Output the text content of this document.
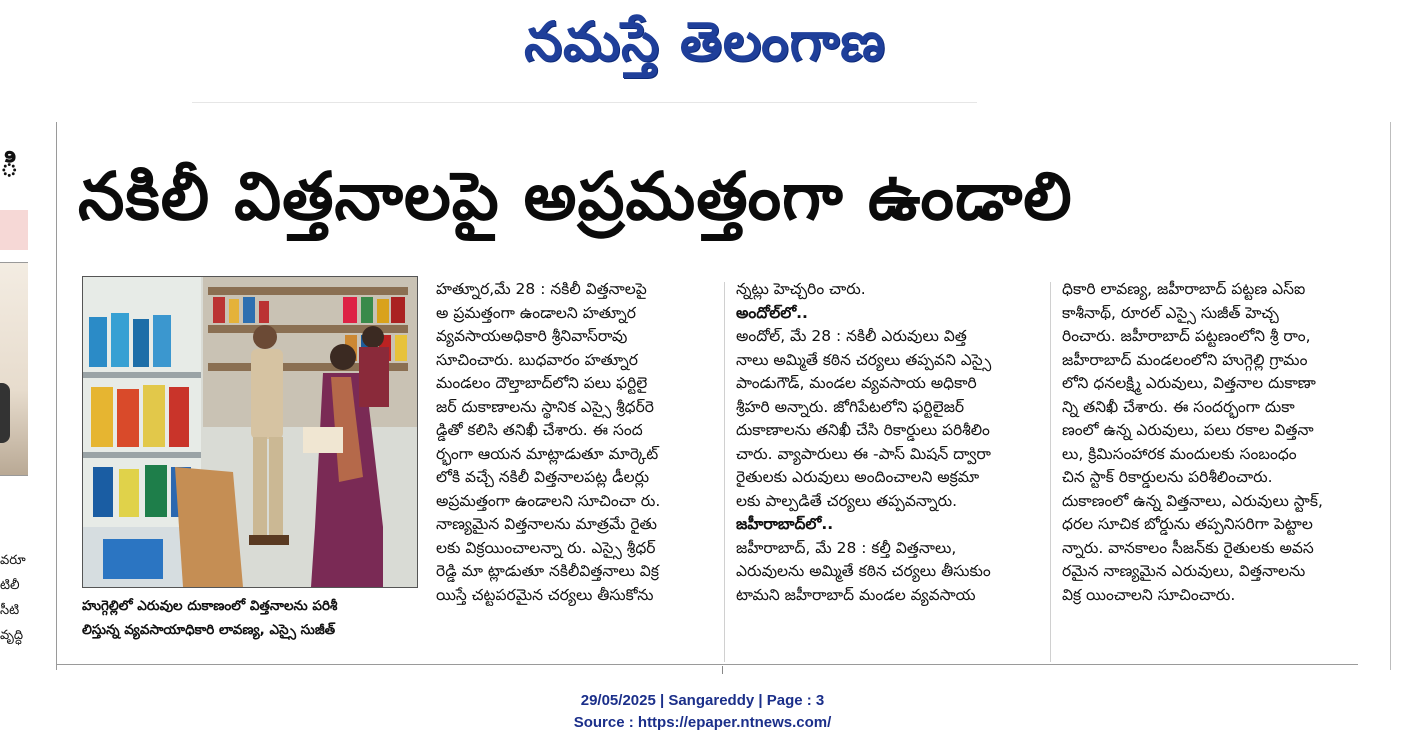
నమస్తే తెలంగాణ
ి
వరూ
టిలీ
సీటి
వృద్ధి
నకిలీ విత్తనాలపై అప్రమత్తంగా ఉండాలి
హుగ్గెల్లిలో ఎరువుల దుకాణంలో విత్తనాలను పరిశీ
లిస్తున్న వ్యవసాయాధికారి లావణ్య, ఎస్సై సుజీత్
హత్నూర,మే 28 : నకిలీ విత్తనాలపై
అ ప్రమత్తంగా ఉండాలని హత్నూర
వ్యవసాయఅధికారి శ్రీనివాస్‌రావు
సూచించారు. బుధవారం హత్నూర
మండలం దౌల్తాబాద్‌లోని పలు ఫర్టిలై
జర్ దుకాణాలను స్థానిక ఎస్సై శ్రీధర్‌రె
డ్డితో కలిసి తనిఖీ చేశారు. ఈ సంద
ర్భంగా ఆయన మాట్లాడుతూ మార్కెట్
లోకి వచ్చే నకిలీ విత్తనాలపట్ల డీలర్లు
అప్రమత్తంగా ఉండాలని సూచించా రు.
నాణ్యమైన విత్తనాలను మాత్రమే రైతు
లకు విక్రయించాలన్నా రు. ఎస్సై శ్రీధర్
రెడ్డి మా ట్లాడుతూ నకిలీవిత్తనాలు విక్ర
యిస్తే చట్టపరమైన చర్యలు తీసుకోను
న్నట్లు హెచ్చరిం చారు.
అందోల్‌లో..
అందోల్, మే 28 : నకిలీ ఎరువులు విత్త
నాలు అమ్మితే కఠిన చర్యలు తప్పవని ఎస్సై
పాండుగౌడ్, మండల వ్యవసాయ అధికారి
శ్రీహరి అన్నారు. జోగిపేటలోని ఫర్టిలైజర్
దుకాణాలను తనిఖీ చేసి రికార్డులు పరిశీలిం
చారు. వ్యాపారులు ఈ -పాస్ మిషన్ ద్వారా
రైతులకు ఎరువులు అందించాలని అక్రమా
లకు పాల్పడితే చర్యలు తప్పవన్నారు.
జహీరాబాద్‌లో..
జహీరాబాద్, మే 28 : కల్తీ విత్తనాలు,
ఎరువులను అమ్మితే కఠిన చర్యలు తీసుకుం
టామని జహీరాబాద్ మండల వ్యవసాయ
ధికారి లావణ్య, జహీరాబాద్ పట్టణ ఎస్ఐ
కాశీనాథ్, రూరల్ ఎస్సై సుజీత్ హెచ్చ
రించారు. జహీరాబాద్ పట్టణంలోని శ్రీ రాం,
జహీరాబాద్ మండలంలోని హుగ్గెల్లి గ్రామం
లోని ధనలక్ష్మి ఎరువులు, విత్తనాల దుకాణా
న్ని తనిఖీ చేశారు. ఈ సందర్భంగా దుకా
ణంలో ఉన్న ఎరువులు, పలు రకాల విత్తనా
లు, క్రిమిసంహారక మందులకు సంబంధం
చిన స్టాక్ రికార్డులను పరిశీలించారు.
దుకాణంలో ఉన్న విత్తనాలు, ఎరువులు స్టాక్,
ధరల సూచిక బోర్డును తప్పనిసరిగా పెట్టాల
న్నారు. వానకాలం సీజన్‌కు రైతులకు అవస
రమైన నాణ్యమైన ఎరువులు, విత్తనాలను
విక్ర యించాలని సూచించారు.
29/05/2025 | Sangareddy | Page : 3
Source : https://epaper.ntnews.com/
